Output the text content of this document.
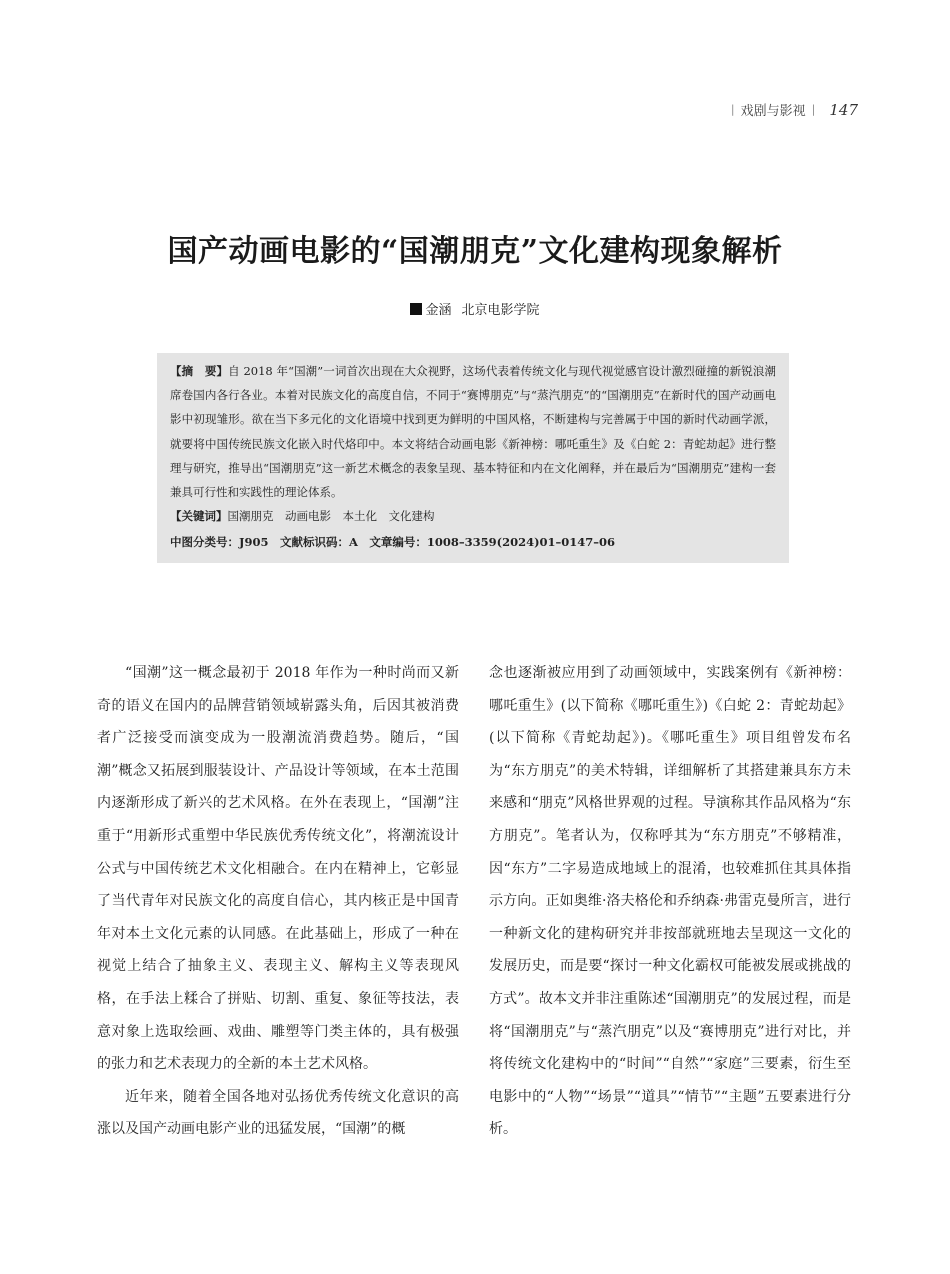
| 戏剧与影视 | 147
国产动画电影的“国潮朋克”文化建构现象解析
金涵 北京电影学院

【摘　要】自 2018 年“国潮”一词首次出现在大众视野，这场代表着传统文化与现代视觉感官设计激烈碰撞的新锐浪潮席卷国内各行各业。本着对民族文化的高度自信，不同于“赛博朋克”与“蒸汽朋克”的“国潮朋克”在新时代的国产动画电影中初现雏形。欲在当下多元化的文化语境中找到更为鲜明的中国风格，不断建构与完善属于中国的新时代动画学派，就要将中国传统民族文化嵌入时代烙印中。本文将结合动画电影《新神榜：哪吒重生》及《白蛇 2：青蛇劫起》进行整理与研究，推导出“国潮朋克”这一新艺术概念的表象呈现、基本特征和内在文化阐释，并在最后为“国潮朋克”建构一套兼具可行性和实践性的理论体系。

【关键词】国潮朋克　动画电影　本土化　文化建构

中图分类号：J905　 文献标识码：A　 文章编号：1008–3359(2024)01–0147–06

“国潮”这一概念最初于 2018 年作为一种时尚而又新奇的语义在国内的品牌营销领域崭露头角，后因其被消费者广泛接受而演变成为一股潮流消费趋势。随后，“国潮”概念又拓展到服装设计、产品设计等领域，在本土范围内逐渐形成了新兴的艺术风格。在外在表现上，“国潮”注重于“用新形式重塑中华民族优秀传统文化”，将潮流设计公式与中国传统艺术文化相融合。在内在精神上，它彰显了当代青年对民族文化的高度自信心，其内核正是中国青年对本土文化元素的认同感。在此基础上，形成了一种在视觉上结合了抽象主义、表现主义、解构主义等表现风格，在手法上糅合了拼贴、切割、重复、象征等技法，表意对象上选取绘画、戏曲、雕塑等门类主体的，具有极强的张力和艺术表现力的全新的本土艺术风格。

近年来，随着全国各地对弘扬优秀传统文化意识的高涨以及国产动画电影产业的迅猛发展，“国潮”的概

念也逐渐被应用到了动画领域中，实践案例有《新神榜：哪吒重生》(以下简称《哪吒重生》)《白蛇 2：青蛇劫起》(以下简称《青蛇劫起》)。《哪吒重生》项目组曾发布名为“东方朋克”的美术特辑，详细解析了其搭建兼具东方未来感和“朋克”风格世界观的过程。导演称其作品风格为“东方朋克”。笔者认为，仅称呼其为“东方朋克”不够精准，因“东方”二字易造成地域上的混淆，也较难抓住其具体指示方向。正如奥维·洛夫格伦和乔纳森·弗雷克曼所言，进行一种新文化的建构研究并非按部就班地去呈现这一文化的发展历史，而是要“探讨一种文化霸权可能被发展或挑战的方式”。故本文并非注重陈述“国潮朋克”的发展过程，而是将“国潮朋克”与“蒸汽朋克”以及“赛博朋克”进行对比，并将传统文化建构中的“时间”“自然”“家庭”三要素，衍生至电影中的“人物”“场景”“道具”“情节”“主题”五要素进行分析。
